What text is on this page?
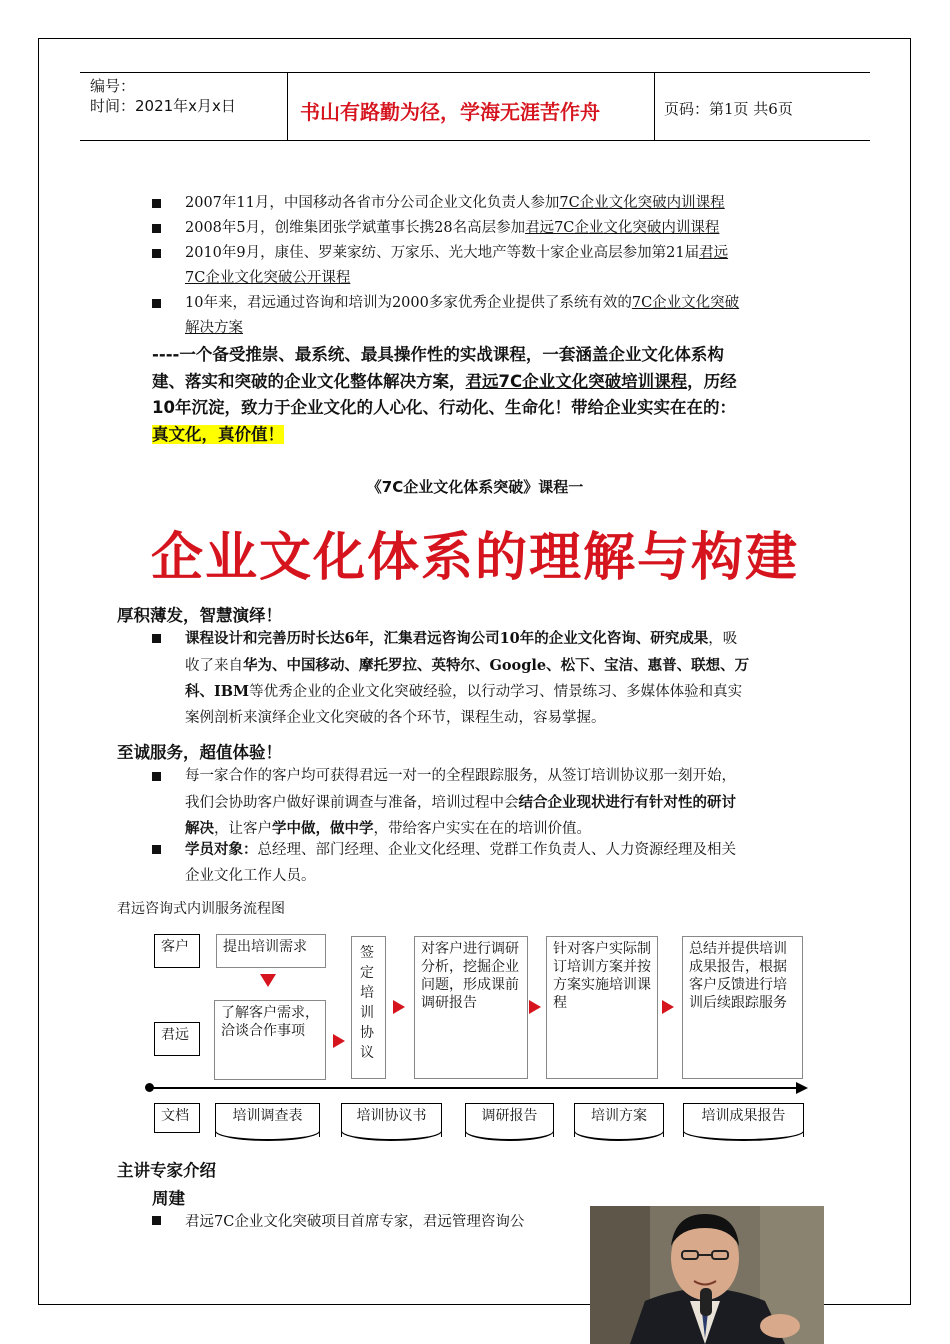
编号：
时间：2021年x月x日	书山有路勤为径，学海无涯苦作舟	页码：第1页 共6页
2007年11月，中国移动各省市分公司企业文化负责人参加7C企业文化突破内训课程
2008年5月，创维集团张学斌董事长携28名高层参加君远7C企业文化突破内训课程
2010年9月，康佳、罗莱家纺、万家乐、光大地产等数十家企业高层参加第21届君远
7C企业文化突破公开课程
10年来，君远通过咨询和培训为2000多家优秀企业提供了系统有效的7C企业文化突破
解决方案
----一个备受推崇、最系统、最具操作性的实战课程，一套涵盖企业文化体系构
建、落实和突破的企业文化整体解决方案，君远7C企业文化突破培训课程，历经
10年沉淀，致力于企业文化的人心化、行动化、生命化！带给企业实实在在的：
真文化，真价值！
《7C企业文化体系突破》课程一
企业文化体系的理解与构建
厚积薄发，智慧演绎！
课程设计和完善历时长达6年，汇集君远咨询公司10年的企业文化咨询、研究成果，吸
收了来自华为、中国移动、摩托罗拉、英特尔、Google、松下、宝洁、惠普、联想、万
科、IBM等优秀企业的企业文化突破经验，以行动学习、情景练习、多媒体体验和真实
案例剖析来演绎企业文化突破的各个环节，课程生动，容易掌握。
至诚服务，超值体验！
每一家合作的客户均可获得君远一对一的全程跟踪服务，从签订培训协议那一刻开始，
我们会协助客户做好课前调查与准备，培训过程中会结合企业现状进行有针对性的研讨
解决，让客户学中做，做中学，带给客户实实在在的培训价值。
学员对象：总经理、部门经理、企业文化经理、党群工作负责人、人力资源经理及相关
企业文化工作人员。
君远咨询式内训服务流程图
客户
君远
提出培训需求
了解客户需求，洽谈合作事项
签定培训协议
对客户进行调研分析，挖掘企业问题，形成课前调研报告
针对客户实际制订培训方案并按方案实施培训课程
总结并提供培训成果报告，根据客户反馈进行培训后续跟踪服务
文档	培训调查表	培训协议书	调研报告	培训方案	培训成果报告
主讲专家介绍
周建
君远7C企业文化突破项目首席专家，君远管理咨询公
